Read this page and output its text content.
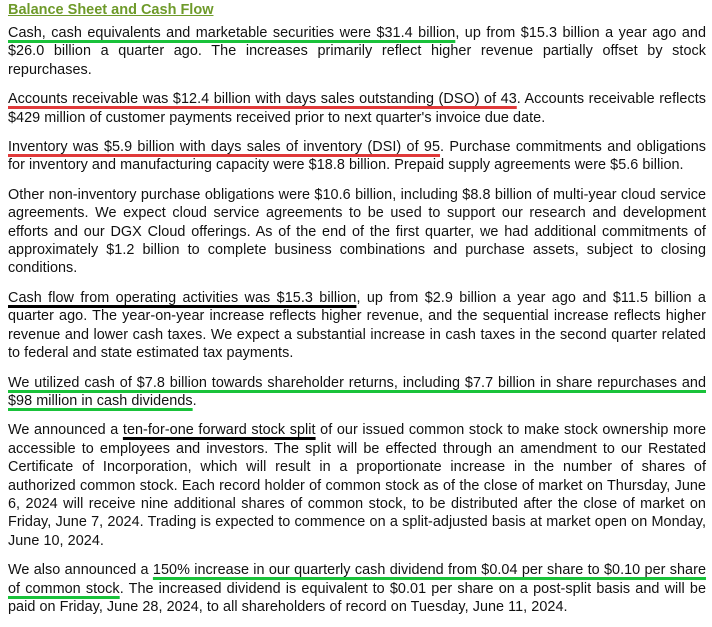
Balance Sheet and Cash Flow

Cash, cash equivalents and marketable securities were $31.4 billion, up from $15.3 billion a year ago and $26.0 billion a quarter ago. The increases primarily reflect higher revenue partially offset by stock repurchases.

Accounts receivable was $12.4 billion with days sales outstanding (DSO) of 43. Accounts receivable reflects $429 million of customer payments received prior to next quarter's invoice due date.

Inventory was $5.9 billion with days sales of inventory (DSI) of 95. Purchase commitments and obligations for inventory and manufacturing capacity were $18.8 billion. Prepaid supply agreements were $5.6 billion.

Other non-inventory purchase obligations were $10.6 billion, including $8.8 billion of multi-year cloud service agreements. We expect cloud service agreements to be used to support our research and development efforts and our DGX Cloud offerings. As of the end of the first quarter, we had additional commitments of approximately $1.2 billion to complete business combinations and purchase assets, subject to closing conditions.

Cash flow from operating activities was $15.3 billion, up from $2.9 billion a year ago and $11.5 billion a quarter ago. The year-on-year increase reflects higher revenue, and the sequential increase reflects higher revenue and lower cash taxes. We expect a substantial increase in cash taxes in the second quarter related to federal and state estimated tax payments.

We utilized cash of $7.8 billion towards shareholder returns, including $7.7 billion in share repurchases and $98 million in cash dividends.

We announced a ten-for-one forward stock split of our issued common stock to make stock ownership more accessible to employees and investors. The split will be effected through an amendment to our Restated Certificate of Incorporation, which will result in a proportionate increase in the number of shares of authorized common stock. Each record holder of common stock as of the close of market on Thursday, June 6, 2024 will receive nine additional shares of common stock, to be distributed after the close of market on Friday, June 7, 2024. Trading is expected to commence on a split-adjusted basis at market open on Monday, June 10, 2024.

We also announced a 150% increase in our quarterly cash dividend from $0.04 per share to $0.10 per share of common stock. The increased dividend is equivalent to $0.01 per share on a post-split basis and will be paid on Friday, June 28, 2024, to all shareholders of record on Tuesday, June 11, 2024.
